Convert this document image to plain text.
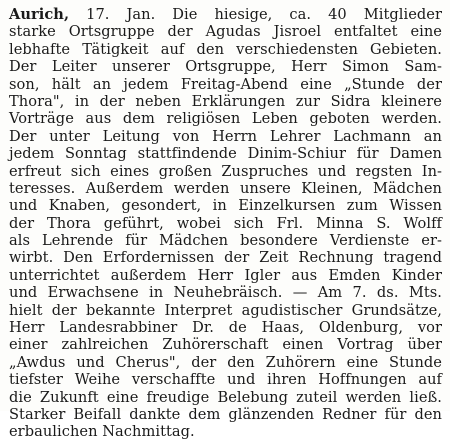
Aurich, 17. Jan. Die hiesige, ca. 40 Mitglieder
starke Ortsgruppe der Agudas Jisroel entfaltet eine
lebhafte Tätigkeit auf den verschiedensten Gebieten.
Der Leiter unserer Ortsgruppe, Herr Simon Sam-
son, hält an jedem Freitag-Abend eine „Stunde der
Thora", in der neben Erklärungen zur Sidra kleinere
Vorträge aus dem religiösen Leben geboten werden.
Der unter Leitung von Herrn Lehrer Lachmann an
jedem Sonntag stattfindende Dinim-Schiur für Damen
erfreut sich eines großen Zuspruches und regsten In-
teresses. Außerdem werden unsere Kleinen, Mädchen
und Knaben, gesondert, in Einzelkursen zum Wissen
der Thora geführt, wobei sich Frl. Minna S. Wolff
als Lehrende für Mädchen besondere Verdienste er-
wirbt. Den Erfordernissen der Zeit Rechnung tragend
unterrichtet außerdem Herr Igler aus Emden Kinder
und Erwachsene in Neuhebräisch. — Am 7. ds. Mts.
hielt der bekannte Interpret agudistischer Grundsätze,
Herr Landesrabbiner Dr. de Haas, Oldenburg, vor
einer zahlreichen Zuhörerschaft einen Vortrag über
„Awdus und Cherus", der den Zuhörern eine Stunde
tiefster Weihe verschaffte und ihren Hoffnungen auf
die Zukunft eine freudige Belebung zuteil werden ließ.
Starker Beifall dankte dem glänzenden Redner für den
erbaulichen Nachmittag.
